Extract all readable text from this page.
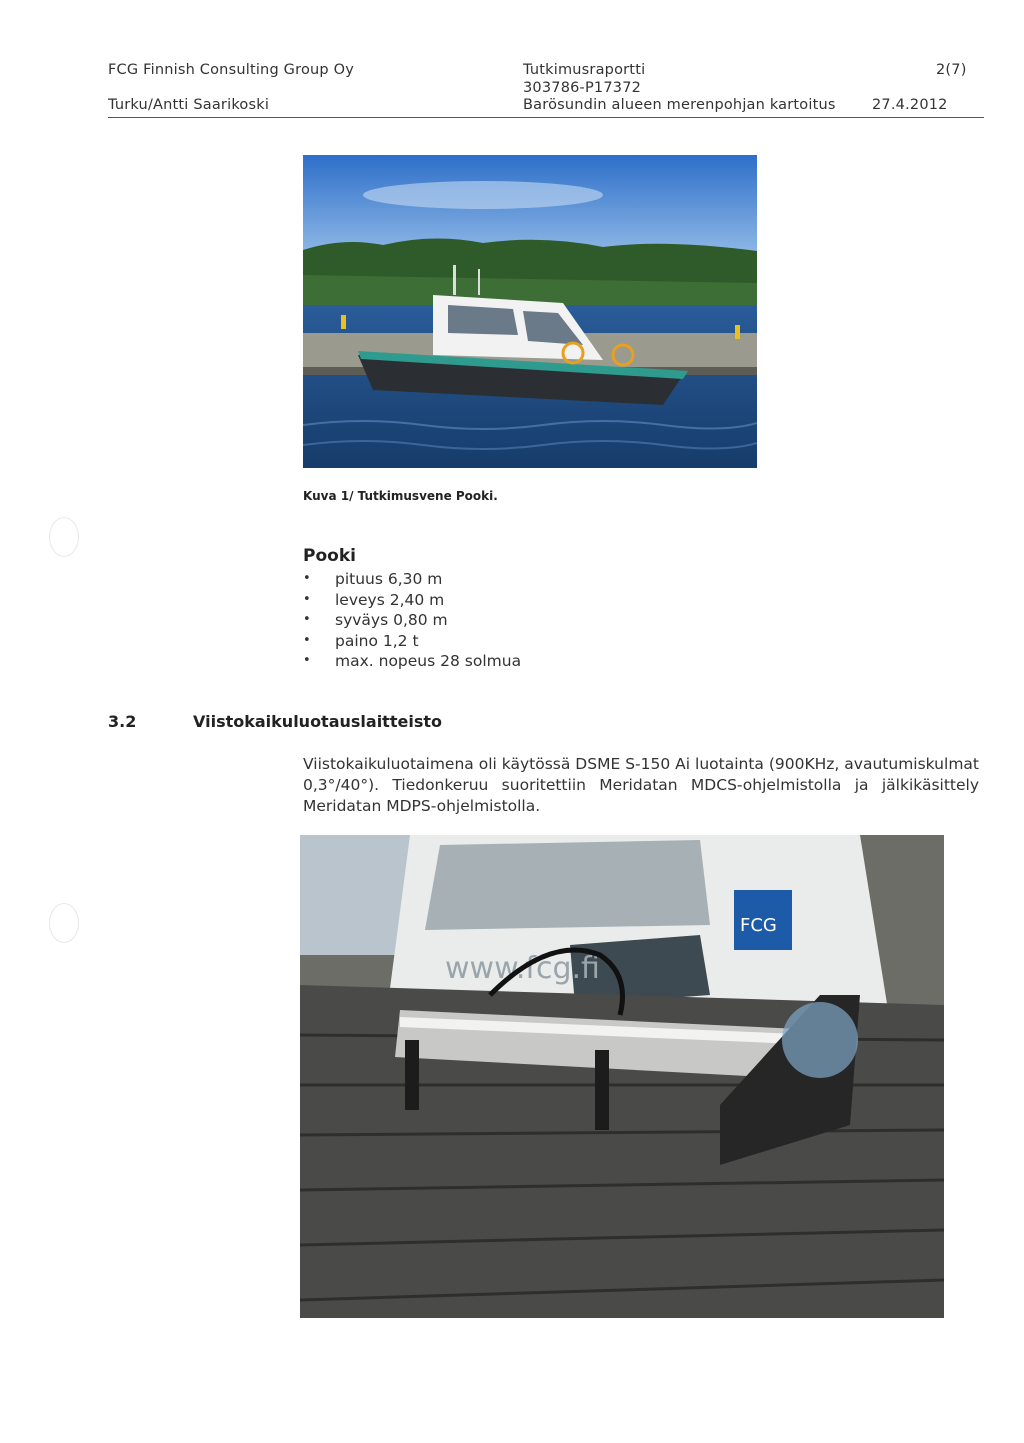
FCG Finnish Consulting Group Oy
Turku/Antti Saarikoski
Tutkimusraportti
303786-P17372
Barösundin alueen merenpohjan kartoitus
2(7)
27.4.2012
Kuva 1/ Tutkimusvene Pooki.
Pooki
• pituus 6,30 m
• leveys 2,40 m
• syväys 0,80 m
• paino 1,2 t
• max. nopeus 28 solmua
3.2	Viistokaikuluotauslaitteisto
Viistokaikuluotaimena oli käytössä DSME S-150 Ai luotainta (900KHz, avautumiskulmat 0,3°/40°). Tiedonkeruu suoritettiin Meridatan MDCS-ohjelmistolla ja jälkikäsittely Meridatan MDPS-ohjelmistolla.
www.fcg.fi
FCG
